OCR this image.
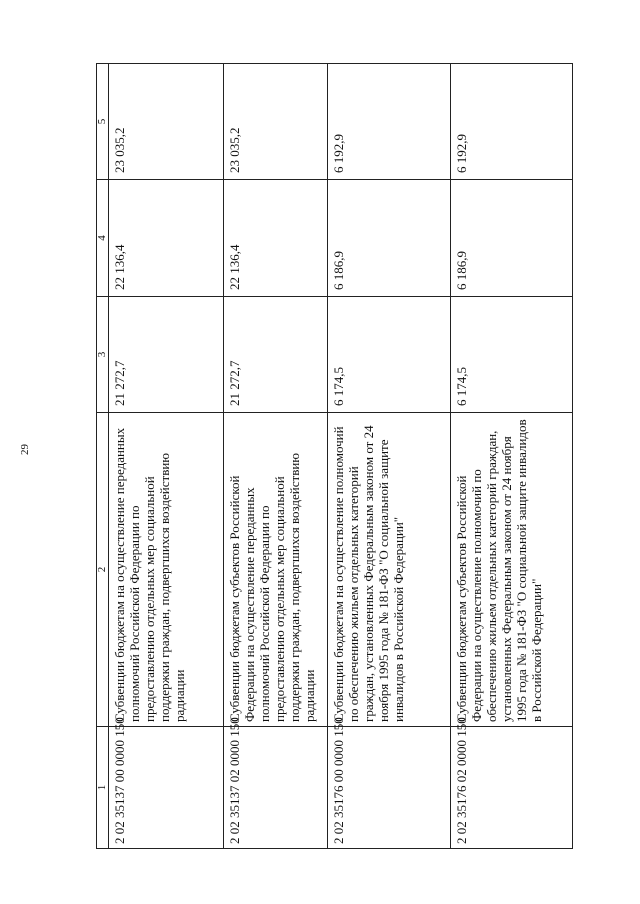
29
1	2	3	4	5
2 02 35137 00 0000 150	Субвенции бюджетам на осуществление переданных полномочий Российской Федерации по предоставлению отдельных мер социальной поддержки граждан, подвергшихся воздействию радиации	21 272,7	22 136,4	23 035,2
2 02 35137 02 0000 150	Субвенции бюджетам субъектов Российской Федерации на осуществление переданных полномочий Российской Федерации по предоставлению отдельных мер социальной поддержки граждан, подвергшихся воздействию радиации	21 272,7	22 136,4	23 035,2
2 02 35176 00 0000 150	Субвенции бюджетам на осуществление полномочий по обеспечению жильем отдельных категорий граждан, установленных Федеральным законом от 24 ноября 1995 года № 181-ФЗ "О социальной защите инвалидов в Российской Федерации"	6 174,5	6 186,9	6 192,9
2 02 35176 02 0000 150	Субвенции бюджетам субъектов Российской Федерации на осуществление полномочий по обеспечению жильем отдельных категорий граждан, установленных Федеральным законом от 24 ноября 1995 года № 181-ФЗ "О социальной защите инвалидов в Российской Федерации"	6 174,5	6 186,9	6 192,9
